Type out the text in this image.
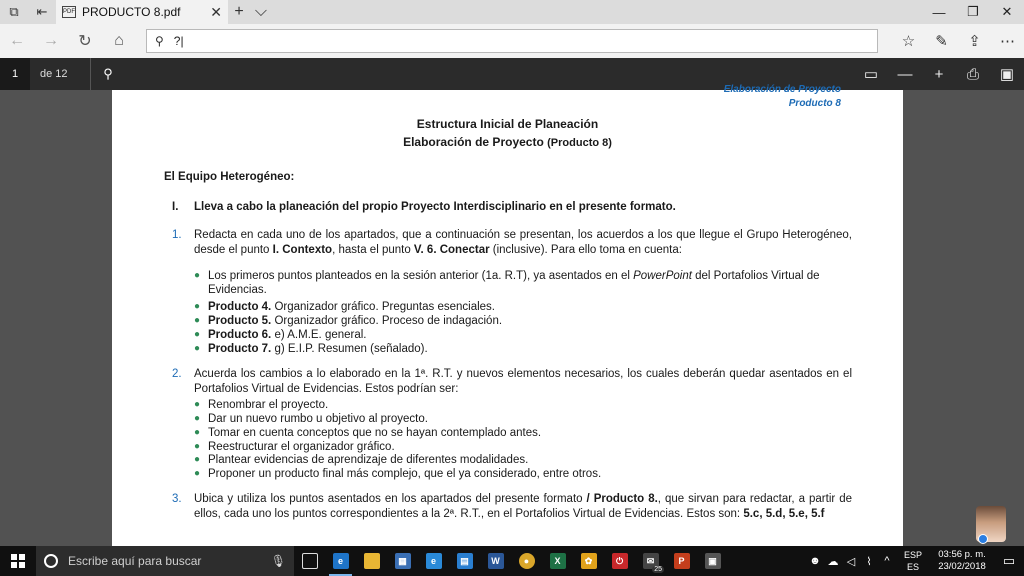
⧉	⇤	PDF PRODUCTO 8.pdf ✕ + ⌵	—	❐	✕
←	→	↻	⌂	⚲ ?|	☆	✎	⇪	⋯
1	de 12	⚲	▭	—	+	⎙	▣
Elaboración de Proyecto
Producto 8
Estructura Inicial de Planeación
Elaboración de Proyecto (Producto 8)
El Equipo Heterogéneo:
I.	Lleva a cabo la planeación del propio Proyecto Interdisciplinario en el presente formato.
1.	Redacta en cada uno de los apartados, que a continuación se presentan, los acuerdos a los que llegue el Grupo Heterogéneo, desde el punto I. Contexto, hasta el punto V. 6. Conectar (inclusive). Para ello toma en cuenta:
● Los primeros puntos planteados en la sesión anterior (1a. R.T), ya asentados en el PowerPoint del Portafolios Virtual de Evidencias.
● Producto 4. Organizador gráfico. Preguntas esenciales.
● Producto 5. Organizador gráfico. Proceso de indagación.
● Producto 6. e) A.M.E. general.
● Producto 7. g) E.I.P. Resumen (señalado).
2.	Acuerda los cambios a lo elaborado en la 1ª. R.T. y nuevos elementos necesarios, los cuales deberán quedar asentados en el Portafolios Virtual de Evidencias. Estos podrían ser:
● Renombrar el proyecto.
● Dar un nuevo rumbo u objetivo al proyecto.
● Tomar en cuenta conceptos que no se hayan contemplado antes.
● Reestructurar el organizador gráfico.
● Plantear evidencias de aprendizaje de diferentes modalidades.
● Proponer un producto final más complejo, que el ya considerado, entre otros.
3.	Ubica y utiliza los puntos asentados en los apartados del presente formato / Producto 8., que sirvan para redactar, a partir de ellos, cada uno los puntos correspondientes a la 2ª. R.T., en el Portafolios Virtual de Evidencias. Estos son: 5.c, 5.d, 5.e, 5.f
Escribe aquí para buscar	🎙	e	▦	e	▤	W	●	X	✿	⏻	✉
25
P	▣	☻ ☁ ◁	⌇	^	ESP
ES
03:56 p. m.
23/02/2018	▭
